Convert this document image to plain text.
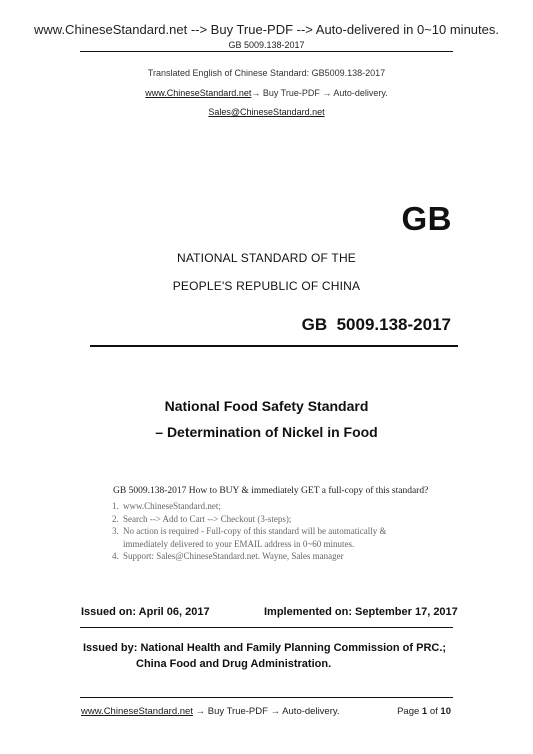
www.ChineseStandard.net --> Buy True-PDF --> Auto-delivered in 0~10 minutes.
GB 5009.138-2017
Translated English of Chinese Standard: GB5009.138-2017
www.ChineseStandard.net→ Buy True-PDF → Auto-delivery.
Sales@ChineseStandard.net
GB
NATIONAL STANDARD OF THE
PEOPLE'S REPUBLIC OF CHINA
GB  5009.138-2017
National Food Safety Standard
– Determination of Nickel in Food
GB 5009.138-2017 How to BUY & immediately GET a full-copy of this standard?
1. www.ChineseStandard.net;
2. Search --> Add to Cart --> Checkout (3-steps);
3. No action is required - Full-copy of this standard will be automatically &
immediately delivered to your EMAIL address in 0~60 minutes.
4. Support: Sales@ChineseStandard.net. Wayne, Sales manager
Issued on: April 06, 2017	Implemented on: September 17, 2017
Issued by: National Health and Family Planning Commission of PRC.;
China Food and Drug Administration.
www.ChineseStandard.net → Buy True-PDF → Auto-delivery.	Page 1 of 10
